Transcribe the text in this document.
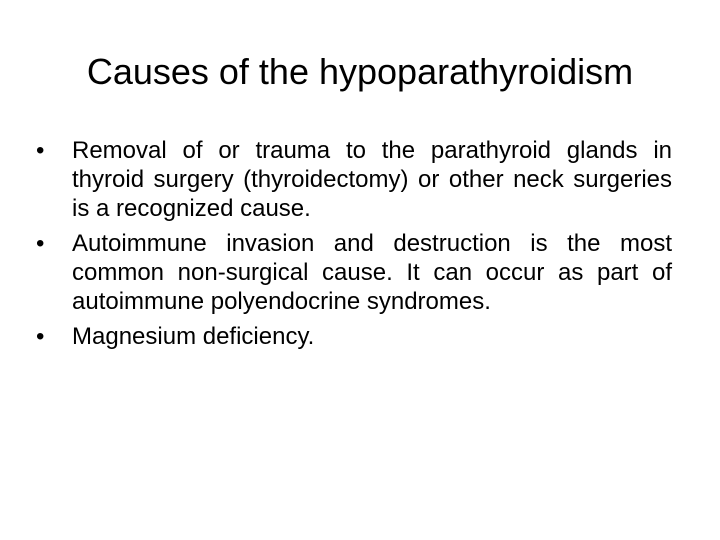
Causes of the hypoparathyroidism
•	Removal of or trauma to the parathyroid glands in thyroid surgery (thyroidectomy) or other neck surgeries is a recognized cause.
•	Autoimmune invasion and destruction is the most common non-surgical cause. It can occur as part of autoimmune polyendocrine syndromes.
•	Magnesium deficiency.
